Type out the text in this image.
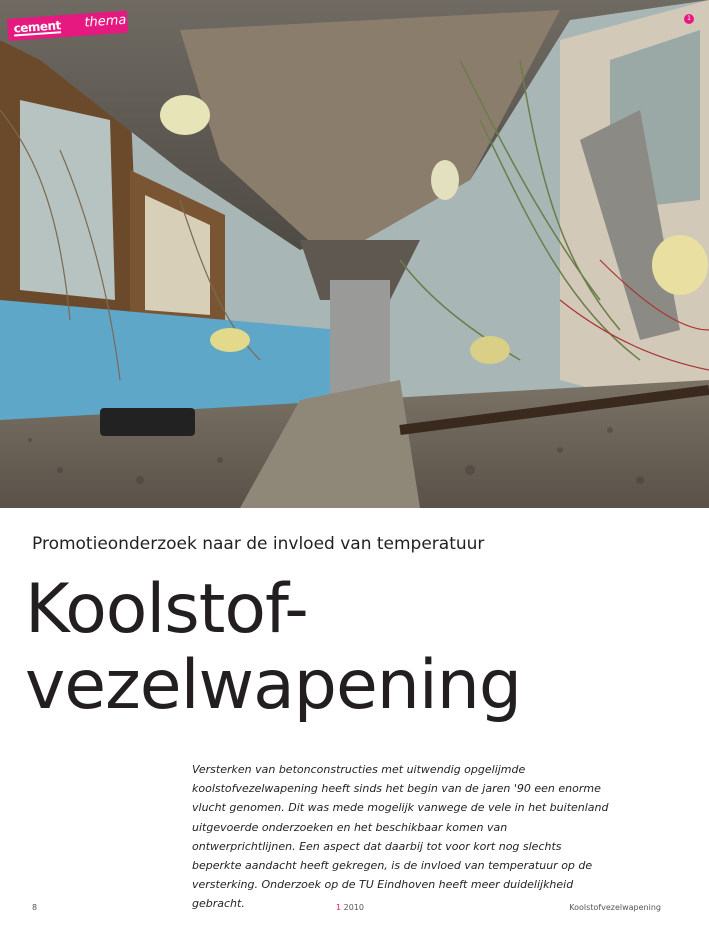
cement thema	1
Promotieonderzoek naar de invloed van temperatuur
Koolstof-
vezelwapening

Versterken van betonconstructies met uitwendig opgelijmde koolstofvezelwapening heeft sinds het begin van de jaren '90 een enorme vlucht genomen. Dit was mede mogelijk vanwege de vele in het buitenland uitgevoerde onderzoeken en het beschikbaar komen van ontwerprichtlijnen. Een aspect dat daarbij tot voor kort nog slechts beperkte aandacht heeft gekregen, is de invloed van temperatuur op de versterking. Onderzoek op de TU Eindhoven heeft meer duidelijkheid gebracht.

8	1 2010	Koolstofvezelwapening
